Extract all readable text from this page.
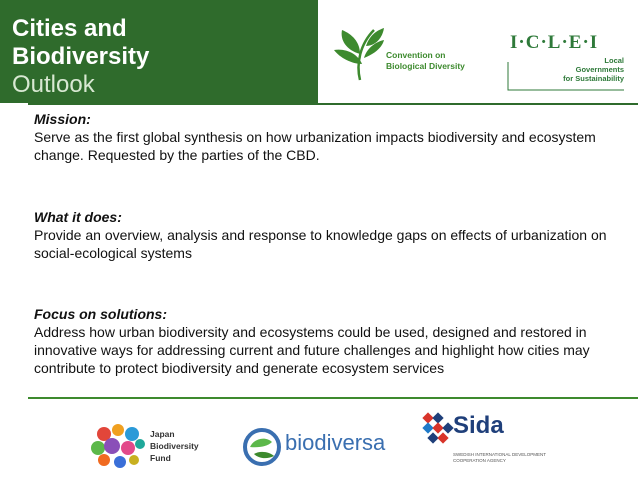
Cities and
Biodiversity
Outlook
Convention on
Biological Diversity
I·C·L·E·I
Local
Governments
for Sustainability
Mission:
Serve as the first global synthesis on how urbanization impacts biodiversity and ecosystem change. Requested by the parties of the CBD.
What it does:
Provide an overview, analysis and response to knowledge gaps on effects of urbanization on social-ecological systems
Focus on solutions:
Address how urban biodiversity and ecosystems could be used, designed and restored in innovative ways for addressing current and future challenges and highlight how cities may contribute to protect biodiversity and generate ecosystem services
Japan
Biodiversity
Fund
biodiversa
Sida
SWEDISH INTERNATIONAL DEVELOPMENT
COOPERATION AGENCY
